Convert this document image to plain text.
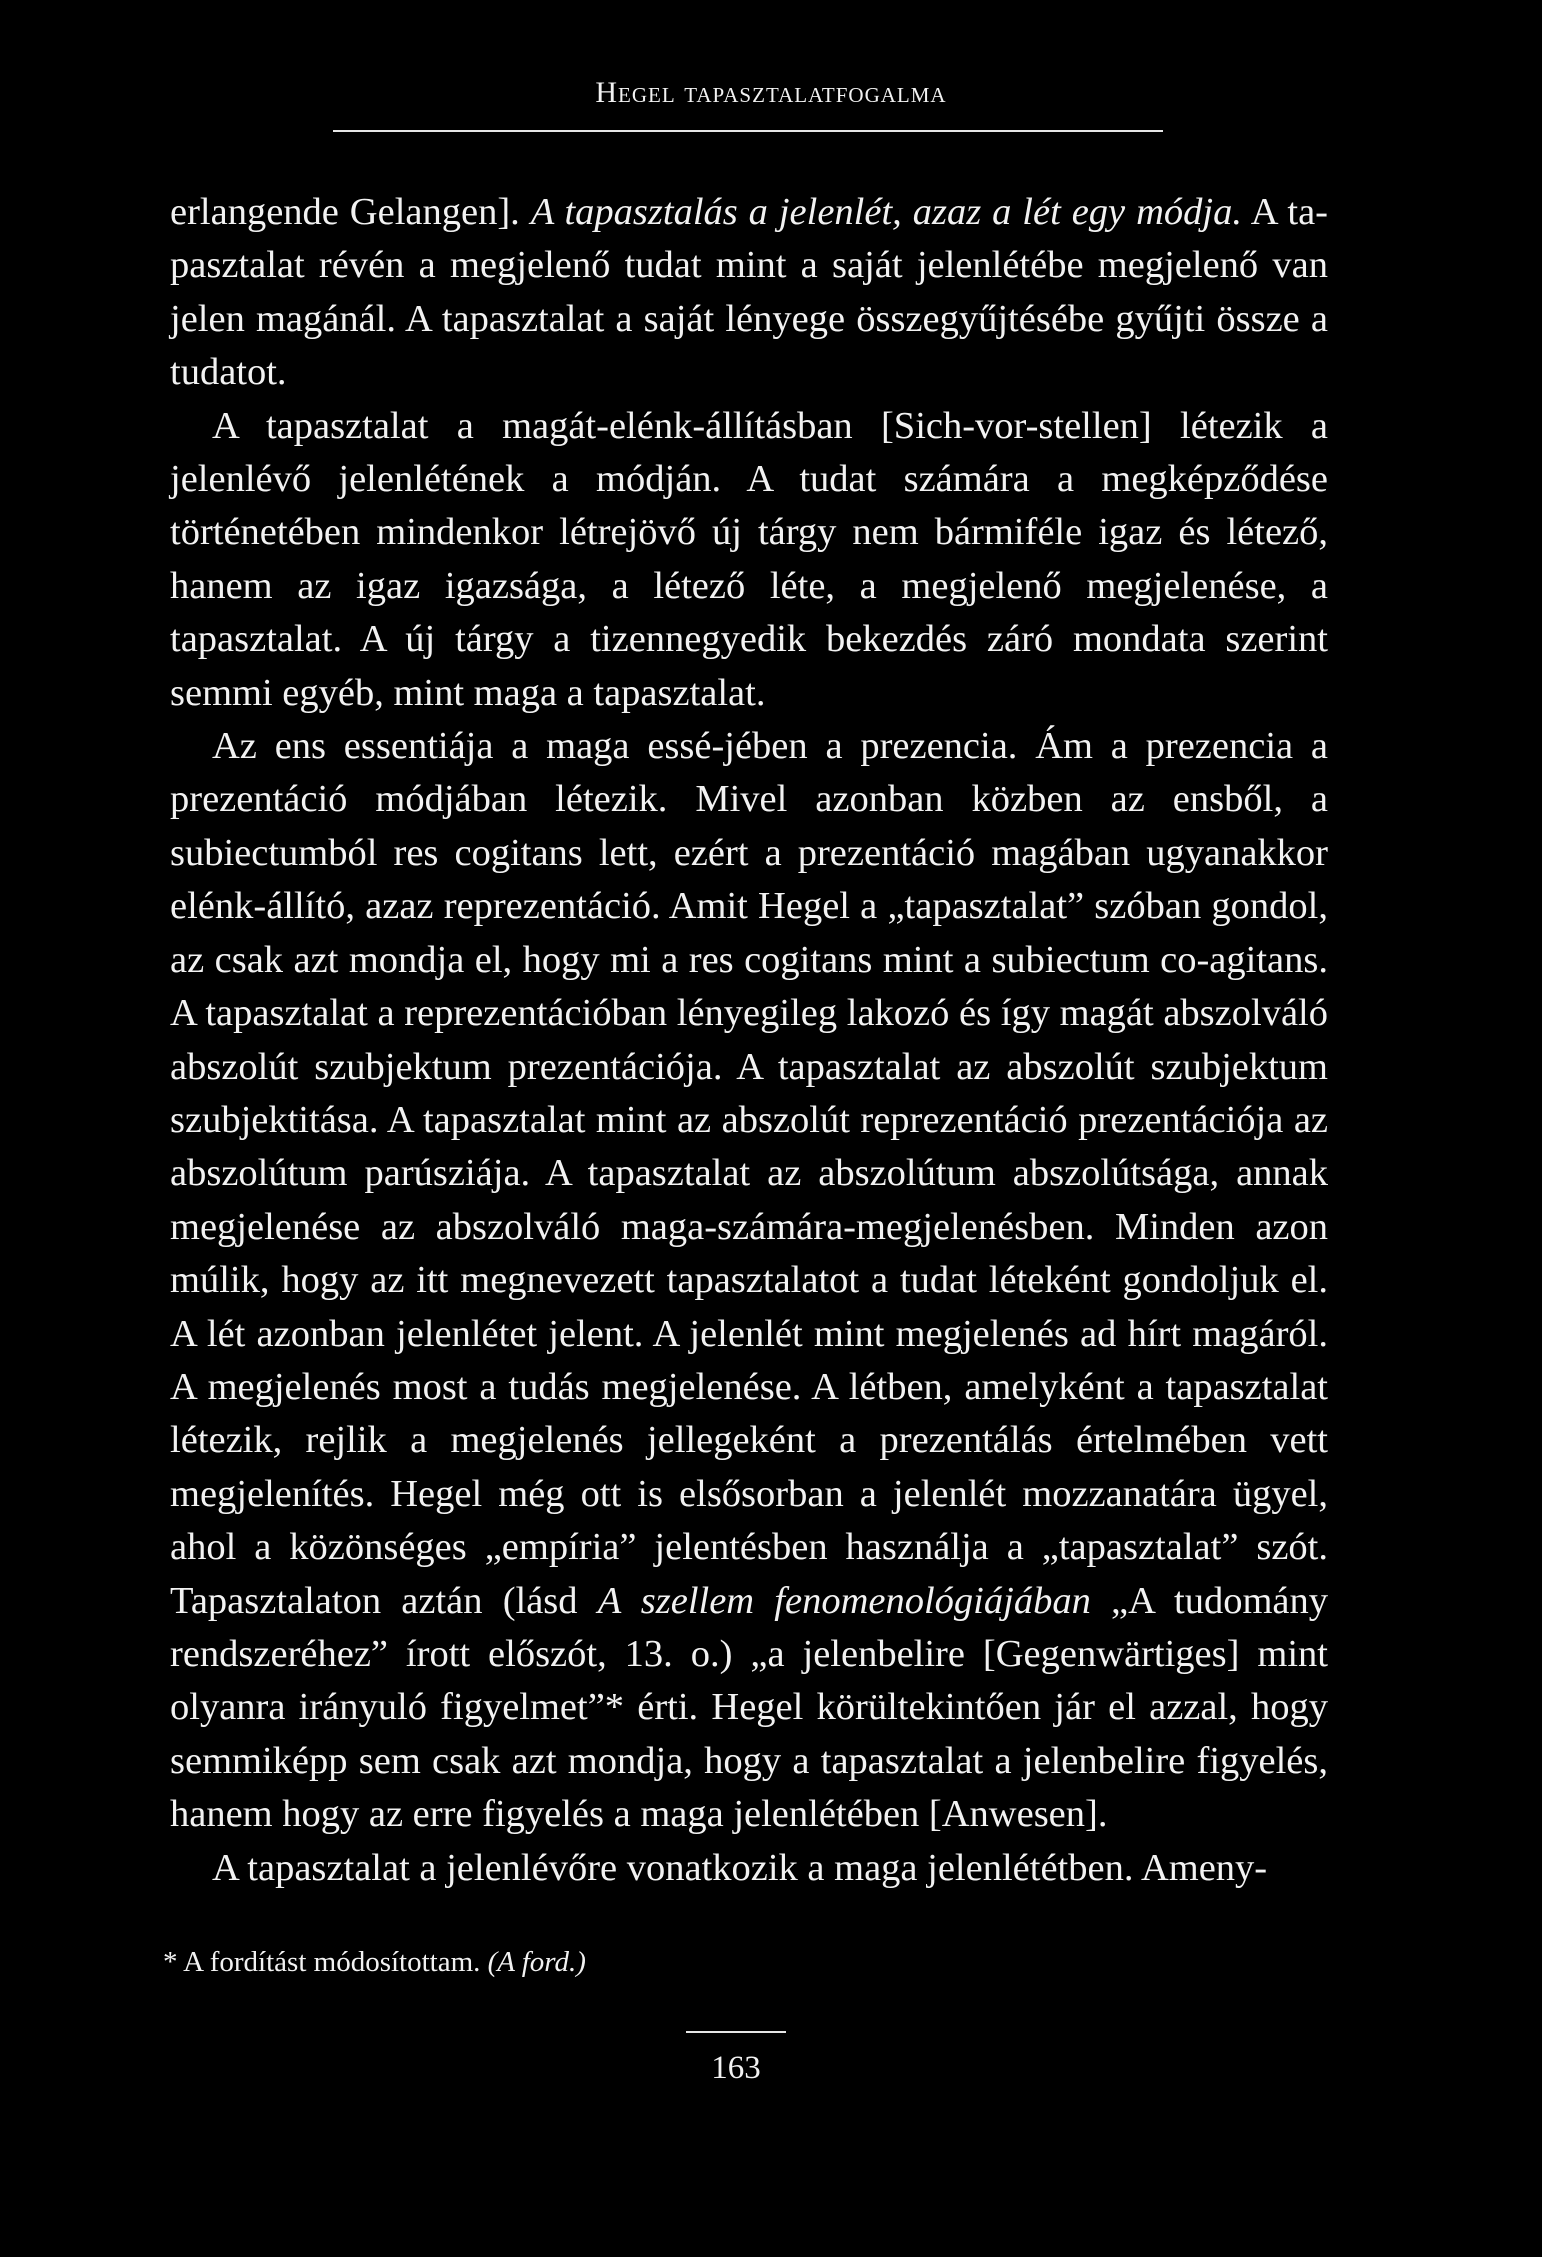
Hegel tapasztalatfogalma

erlangende Gelangen]. A tapasztalás a jelenlét, azaz a lét egy módja. A tapasztalat révén a megjelenő tudat mint a saját jelenlétébe megjelenő van jelen magánál. A tapasztalat a saját lényege összegyűjtésébe gyűjti össze a tudatot.

A tapasztalat a magát-elénk-állításban [Sich-vor-stellen] létezik a jelenlévő jelenlétének a módján. A tudat számára a megképződése történetében mindenkor létrejövő új tárgy nem bármiféle igaz és létező, hanem az igaz igazsága, a létező léte, a megjelenő megjelenése, a tapasztalat. A új tárgy a tizennegyedik bekezdés záró mondata szerint semmi egyéb, mint maga a tapasztalat.

Az ens essentiája a maga essé-jében a prezencia. Ám a prezencia a prezentáció módjában létezik. Mivel azonban közben az ensből, a subiectumból res cogitans lett, ezért a prezentáció magában ugyanakkor elénk-állító, azaz reprezentáció. Amit Hegel a „tapasztalat” szóban gondol, az csak azt mondja el, hogy mi a res cogitans mint a subiectum co-agitans. A tapasztalat a reprezentációban lényegileg lakozó és így magát abszolváló abszolút szubjektum prezentációja. A tapasztalat az abszolút szubjektum szubjektitása. A tapasztalat mint az abszolút reprezentáció prezentációja az abszolútum parúsziája. A tapasztalat az abszolútum abszolútsága, annak megjelenése az abszolváló maga-számára-megjelenésben. Minden azon múlik, hogy az itt megnevezett tapasztalatot a tudat léteként gondoljuk el. A lét azonban jelenlétet jelent. A jelenlét mint megjelenés ad hírt magáról. A megjelenés most a tudás megjelenése. A létben, amelyként a tapasztalat létezik, rejlik a megjelenés jellegeként a prezentálás értelmében vett megjelenítés. Hegel még ott is elsősorban a jelenlét mozzanatára ügyel, ahol a közönséges „empíria” jelentésben használja a „tapasztalat” szót. Tapasztalaton aztán (lásd A szellem fenomenológiájában „A tudomány rendszeréhez” írott előszót, 13. o.) „a jelenbelire [Gegenwärtiges] mint olyanra irányuló figyelmet”* érti. Hegel körültekintően jár el azzal, hogy semmiképp sem csak azt mondja, hogy a tapasztalat a jelenbelire figyelés, hanem hogy az erre figyelés a maga jelenlétében [Anwesen].

A tapasztalat a jelenlévőre vonatkozik a maga jelenlététben. Ameny-

* A fordítást módosítottam. (A ford.)
163
